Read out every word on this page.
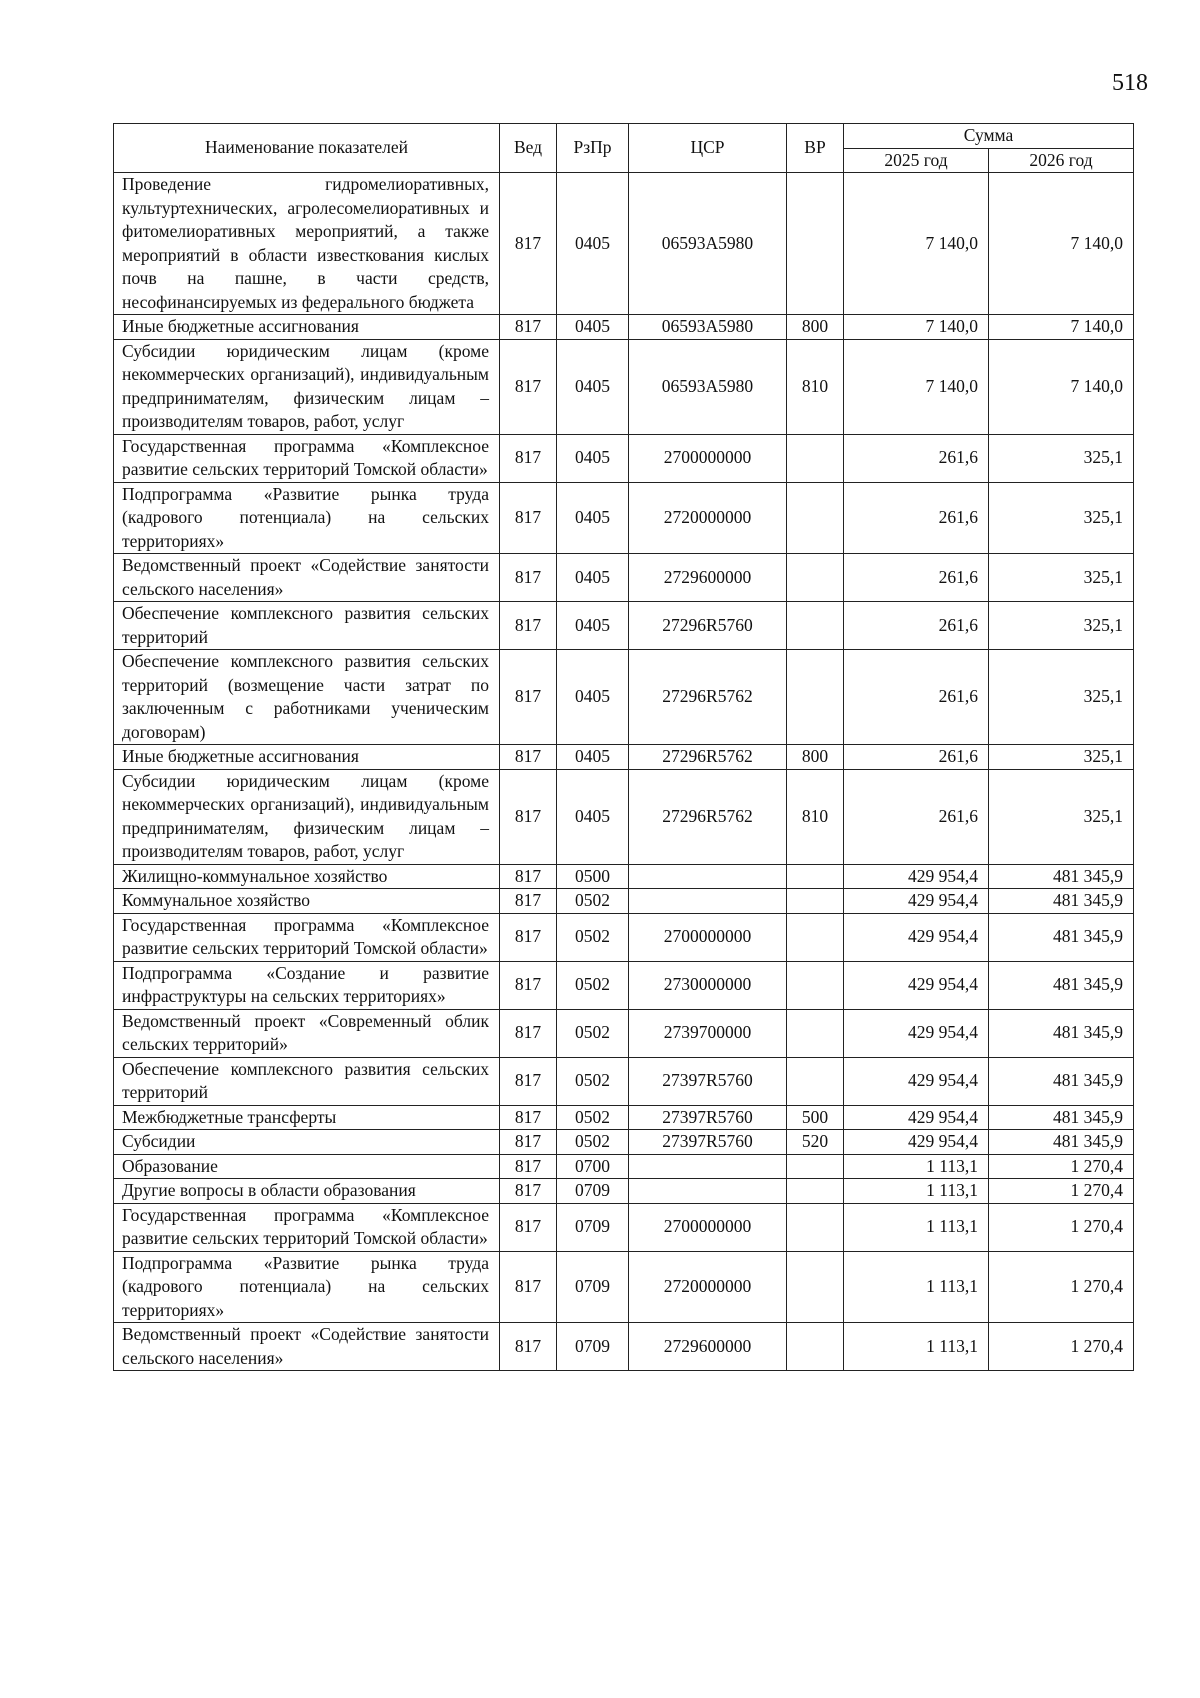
518
Наименование показателей	Вед	РзПр	ЦСР	ВР	Сумма	
					2025 год	2026 год
Проведение гидромелиоративных, культуртехнических, агролесомелиоративных и фитомелиоративных мероприятий, а также мероприятий в области известкования кислых почв на пашне, в части средств, несофинансируемых из федерального бюджета	817	0405	06593A5980		7 140,0	7 140,0
Иные бюджетные ассигнования	817	0405	06593A5980	800	7 140,0	7 140,0
Субсидии юридическим лицам (кроме некоммерческих организаций), индивидуальным предпринимателям, физическим лицам – производителям товаров, работ, услуг	817	0405	06593A5980	810	7 140,0	7 140,0
Государственная программа «Комплексное развитие сельских территорий Томской области»	817	0405	2700000000		261,6	325,1
Подпрограмма «Развитие рынка труда (кадрового потенциала) на сельских территориях»	817	0405	2720000000		261,6	325,1
Ведомственный проект «Содействие занятости сельского населения»	817	0405	2729600000		261,6	325,1
Обеспечение комплексного развития сельских территорий	817	0405	27296R5760		261,6	325,1
Обеспечение комплексного развития сельских территорий (возмещение части затрат по заключенным с работниками ученическим договорам)	817	0405	27296R5762		261,6	325,1
Иные бюджетные ассигнования	817	0405	27296R5762	800	261,6	325,1
Субсидии юридическим лицам (кроме некоммерческих организаций), индивидуальным предпринимателям, физическим лицам – производителям товаров, работ, услуг	817	0405	27296R5762	810	261,6	325,1
Жилищно-коммунальное хозяйство	817	0500			429 954,4	481 345,9
Коммунальное хозяйство	817	0502			429 954,4	481 345,9
Государственная программа «Комплексное развитие сельских территорий Томской области»	817	0502	2700000000		429 954,4	481 345,9
Подпрограмма «Создание и развитие инфраструктуры на сельских территориях»	817	0502	2730000000		429 954,4	481 345,9
Ведомственный проект «Современный облик сельских территорий»	817	0502	2739700000		429 954,4	481 345,9
Обеспечение комплексного развития сельских территорий	817	0502	27397R5760		429 954,4	481 345,9
Межбюджетные трансферты	817	0502	27397R5760	500	429 954,4	481 345,9
Субсидии	817	0502	27397R5760	520	429 954,4	481 345,9
Образование	817	0700			1 113,1	1 270,4
Другие вопросы в области образования	817	0709			1 113,1	1 270,4
Государственная программа «Комплексное развитие сельских территорий Томской области»	817	0709	2700000000		1 113,1	1 270,4
Подпрограмма «Развитие рынка труда (кадрового потенциала) на сельских территориях»	817	0709	2720000000		1 113,1	1 270,4
Ведомственный проект «Содействие занятости сельского населения»	817	0709	2729600000		1 113,1	1 270,4
